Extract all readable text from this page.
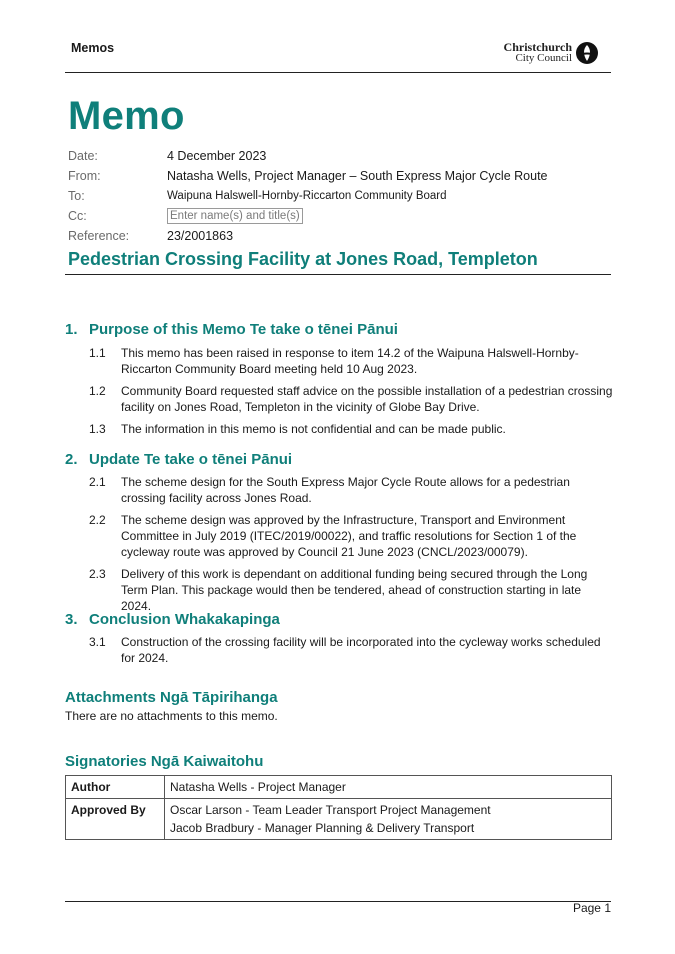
Memos	Christchurch
City Council
Memo
Date:	4 December 2023
From:	Natasha Wells, Project Manager – South Express Major Cycle Route
To:	Waipuna Halswell-Hornby-Riccarton Community Board
Cc:	Enter name(s) and title(s)
Reference:	23/2001863
Pedestrian Crossing Facility at Jones Road, Templeton
1. Purpose of this Memo Te take o tēnei Pānui
1.1	This memo has been raised in response to item 14.2 of the Waipuna Halswell-Hornby-Riccarton Community Board meeting held 10 Aug 2023.
1.2	Community Board requested staff advice on the possible installation of a pedestrian crossing facility on Jones Road, Templeton in the vicinity of Globe Bay Drive.
1.3	The information in this memo is not confidential and can be made public.
2. Update Te take o tēnei Pānui
2.1	The scheme design for the South Express Major Cycle Route allows for a pedestrian crossing facility across Jones Road.
2.2	The scheme design was approved by the Infrastructure, Transport and Environment Committee in July 2019 (ITEC/2019/00022), and traffic resolutions for Section 1 of the cycleway route was approved by Council 21 June 2023 (CNCL/2023/00079).
2.3	Delivery of this work is dependant on additional funding being secured through the Long Term Plan. This package would then be tendered, ahead of construction starting in late 2024.
3. Conclusion Whakakapinga
3.1	Construction of the crossing facility will be incorporated into the cycleway works scheduled for 2024.
Attachments Ngā Tāpirihanga
There are no attachments to this memo.
Signatories Ngā Kaiwaitohu
Author	Natasha Wells - Project Manager
Approved By	Oscar Larson - Team Leader Transport Project Management
Jacob Bradbury - Manager Planning & Delivery Transport
Page 1
